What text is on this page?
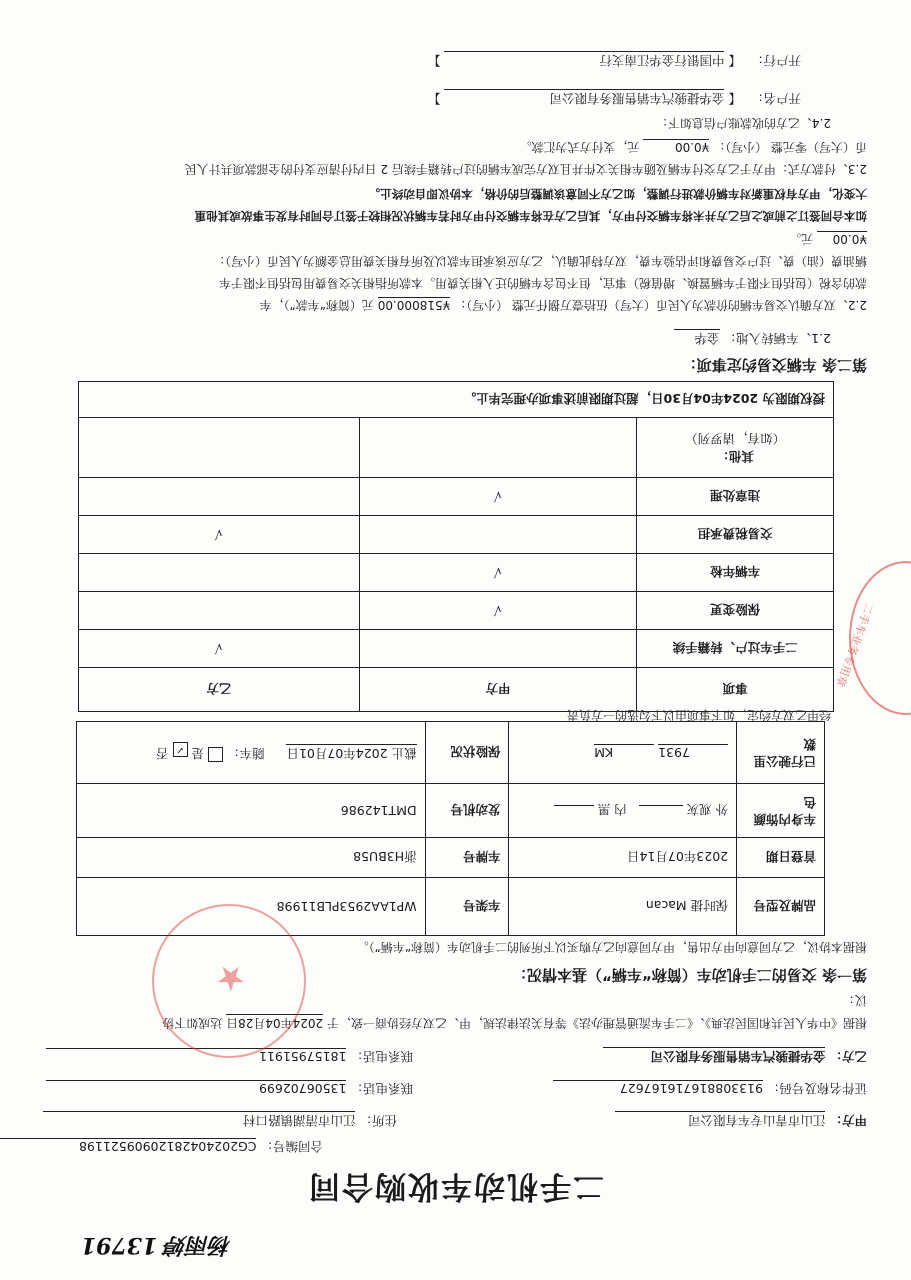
杨雨婷 13791
二手机动车收购合同
合同编号： CG20240428120909521198
甲方： 江山市青山专车有限公司
住所： 江山市清湖镇路口村
证件名称及号码： 91330881671616762​7
联系电话： 13506702699
乙方： 金华捷骏汽车销售服务有限公司
联系电话： 18157951911
根据《中华人民共和国民法典》、《二手车流通管理办法》等有关法律法规，甲、乙双方经协商一致，于 2024年04月28日 达成如下协
议：
第一条 交易的二手机动车（简称“车辆”）基本情况：
根据本协议，乙方同意向甲方出售，甲方同意向乙方购买以下所列的二手机动车（简称“车辆”）。
品牌及型号	保时捷 Macan	车架号	WP1AA2953PLB11998
首登日期	2023年07月14日	车牌号	浙H3BU58
车身内饰颜色	外 观灰  内 黑	发动机号	DMT142986
已行驶公里数	7931 KM	保险状况	截止 2024年07月01日 随车：  是 ✓ 否
经甲乙双方约定，如下事项由以下勾选的一方负责
事项	甲方	乙方
二手车过户、转籍手续		√
保险变更	√	
车辆年检	√	
交易税费承担		√
违章处理	√	

其他：
（如有，请罗列）		

授权期限为 2024年04月30日，超过期限前述事项办理完毕止。		
第二条 车辆交易约定事项：
2.1、车辆转入地： 金华
2.2、双方确认交易车辆的价款为人民币（大写）伍拾壹万捌仟元整 （小写）： ¥518000.00 元（简称“车款”），车
款的含税（包括但不限于车辆置换、增值税）事宜，但不包含车辆的迁入相关费用。本款所指相关交易费用包括但不限于车
辆油费（油）费、过户交易费和评估验车费，双方特此确认，乙方应该承担车款以及所有相关费用总金额为人民币（小写）：
¥0.00 元。
如本合同签订之前或之后乙方并未将车辆交付甲方，其后乙方在将车辆交付甲方时若车辆状况相较于签订合同时有发生事故或其他重
大变化，甲方有权重新对车辆价款进行调整，如乙方不同意该调整后的价格，本协议即自动终止。
2.3、付款方式：甲方于乙方交付车辆及随车相关文件并且双方完成车辆的过户转籍手续后 2 日内付清应支付的全部款项共计人民
币（大写）零元整 （小写）： ¥0.00 元，支付方式为汇款。
2.4、乙方的收款账户信息如下：
开户名： 【 金华捷骏汽车销售服务有限公司 】
开户行： 【 中国银行金华江南支行 】
二手车业务专用章
★
